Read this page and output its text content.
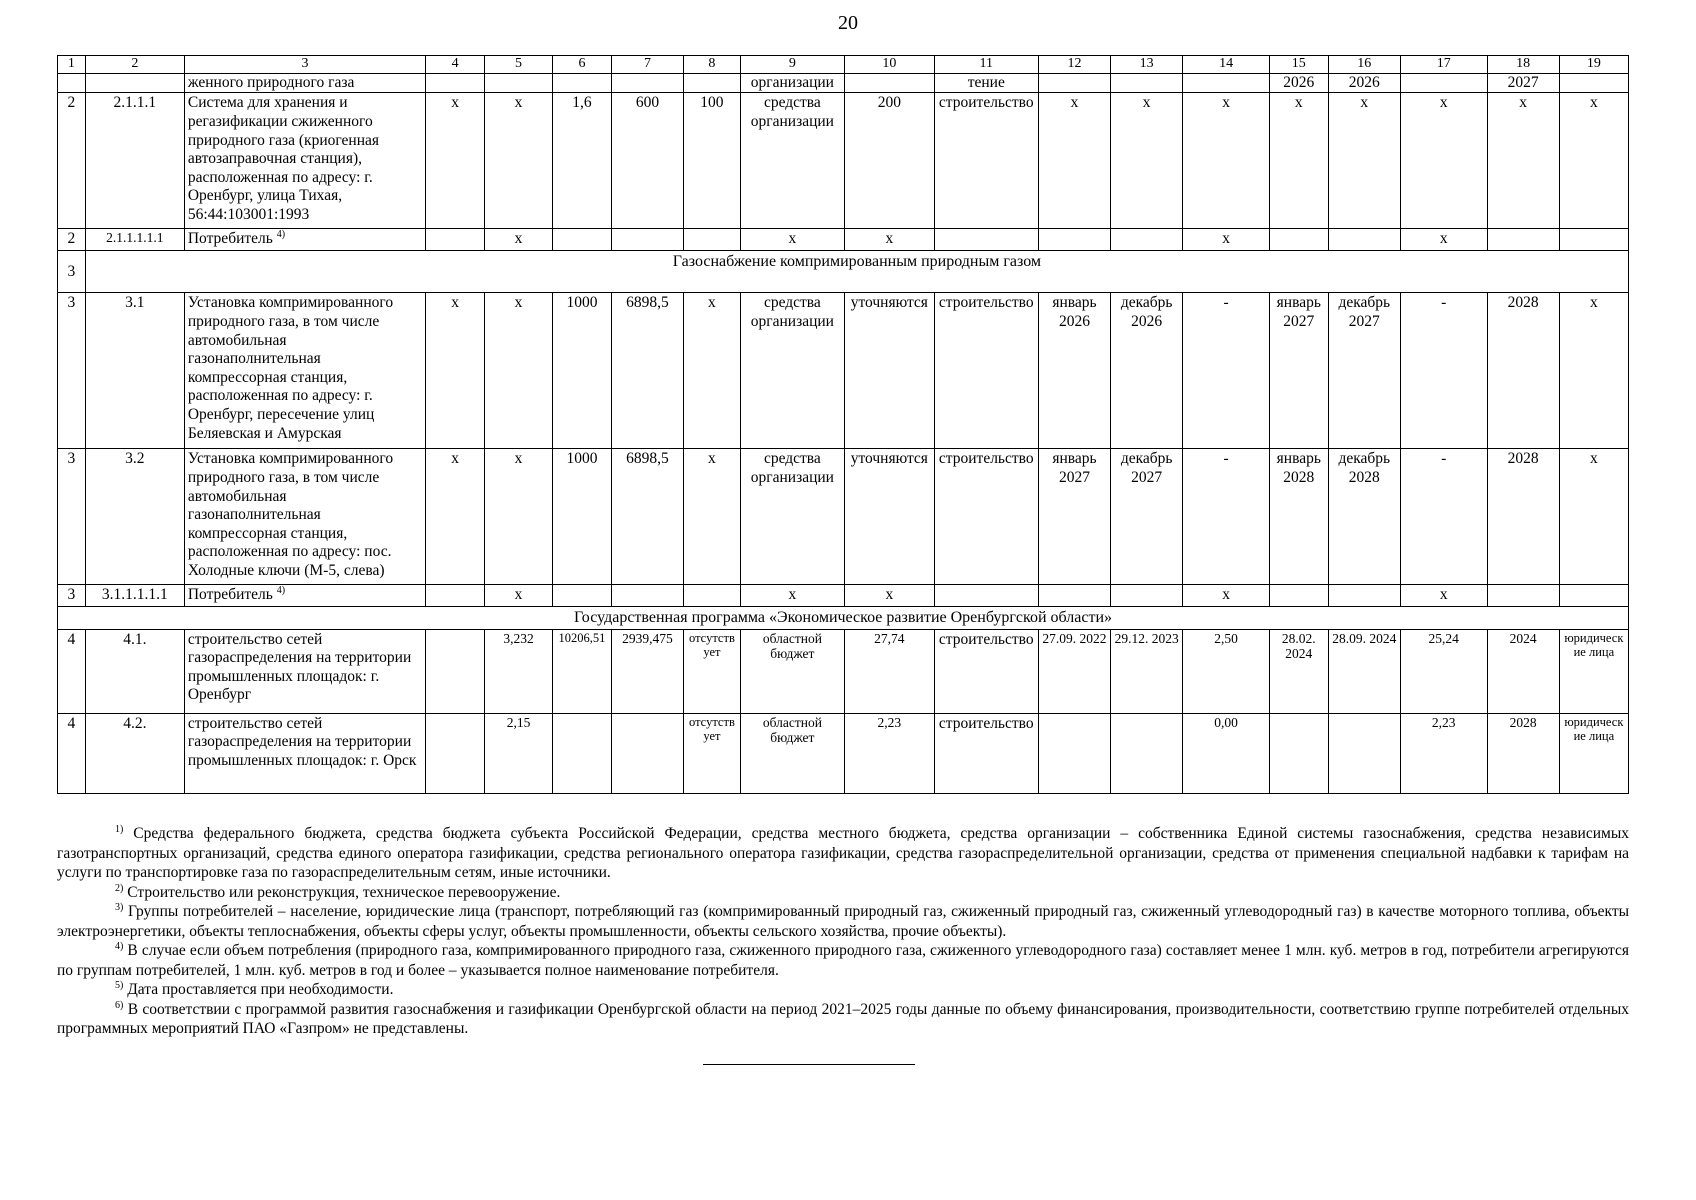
20
1	2	3	4	5	6	7	8	9	10	11	12	13	14	15	16	17	18	19
		женного природного газа						организации		тение				2026	2026		2027	
2	2.1.1.1	Система для хранения и регазификации сжиженного природного газа (криогенная автозаправочная станция), расположенная по адресу: г. Оренбург, улица Тихая, 56:44:103001:1993	x	x	1,6	600	100	средства организации	200	строительство	x	x	x	x	x	x	x	x
2	2.1.1.1.1.1	Потребитель $^{4)}$		x				x	x				x			x		
3	Газоснабжение компримированным природным газом																	
3	3.1	Установка компримированного природного газа, в том числе автомобильная газонаполнительная компрессорная станция, расположенная по адресу: г. Оренбург, пересечение улиц Беляевская и Амурская	x	x	1000	6898,5	x	средства организации	уточняются	строительство	январь 2026	декабрь 2026	-	январь 2027	декабрь 2027	-	2028	x
3	3.2	Установка компримированного природного газа, в том числе автомобильная газонаполнительная компрессорная станция, расположенная по адресу: пос. Холодные ключи (М-5, слева)	x	x	1000	6898,5	x	средства организации	уточняются	строительство	январь 2027	декабрь 2027	-	январь 2028	декабрь 2028	-	2028	x
3	3.1.1.1.1.1	Потребитель $^{4)}$		x				x	x				x			x		
Государственная программа «Экономическое развитие Оренбургской области»																		
4	4.1.	строительство сетей газораспределения на территории промышленных площадок: г. Оренбург		3,232	10206,51	2939,475	отсутствует	областной бюджет	27,74	строительство	27.09. 2022	29.12. 2023	2,50	28.02. 2024	28.09. 2024	25,24	2024	юридические лица
4	4.2.	строительство сетей газораспределения на территории промышленных площадок: г. Орск		2,15			отсутствует	областной бюджет	2,23	строительство			0,00			2,23	2028	юридические лица

$^{1)}$ Средства федерального бюджета, средства бюджета субъекта Российской Федерации, средства местного бюджета, средства организации – собственника Единой системы газоснабжения, средства независимых газотранспортных организаций, средства единого оператора газификации, средства регионального оператора газификации, средства газораспределительной организации, средства от применения специальной надбавки к тарифам на услуги по транспортировке газа по газораспределительным сетям, иные источники.

$^{2)}$ Строительство или реконструкция, техническое перевооружение.

$^{3)}$ Группы потребителей – население, юридические лица (транспорт, потребляющий газ (компримированный природный газ, сжиженный природный газ, сжиженный углеводородный газ) в качестве моторного топлива, объекты электроэнергетики, объекты теплоснабжения, объекты сферы услуг, объекты промышленности, объекты сельского хозяйства, прочие объекты).

$^{4)}$ В случае если объем потребления (природного газа, компримированного природного газа, сжиженного природного газа, сжиженного углеводородного газа) составляет менее 1 млн. куб. метров в год, потребители агрегируются по группам потребителей, 1 млн. куб. метров в год и более – указывается полное наименование потребителя.

$^{5)}$ Дата проставляется при необходимости.

$^{6)}$ В соответствии с программой развития газоснабжения и газификации Оренбургской области на период 2021–2025 годы данные по объему финансирования, производительности, соответствию группе потребителей отдельных программных мероприятий ПАО «Газпром» не представлены.
